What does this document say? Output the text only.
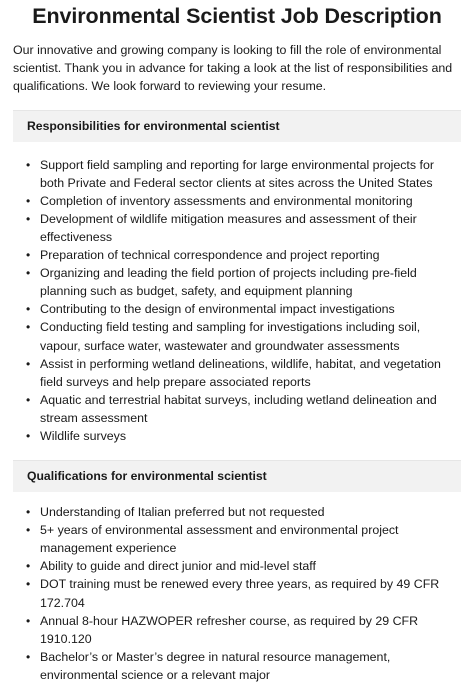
Environmental Scientist Job Description

Our innovative and growing company is looking to fill the role of environmental scientist. Thank you in advance for taking a look at the list of responsibilities and qualifications. We look forward to reviewing your resume.

Responsibilities for environmental scientist
• Support field sampling and reporting for large environmental projects for both Private and Federal sector clients at sites across the United States
• Completion of inventory assessments and environmental monitoring
• Development of wildlife mitigation measures and assessment of their effectiveness
• Preparation of technical correspondence and project reporting
• Organizing and leading the field portion of projects including pre-field planning such as budget, safety, and equipment planning
• Contributing to the design of environmental impact investigations
• Conducting field testing and sampling for investigations including soil, vapour, surface water, wastewater and groundwater assessments
• Assist in performing wetland delineations, wildlife, habitat, and vegetation field surveys and help prepare associated reports
• Aquatic and terrestrial habitat surveys, including wetland delineation and stream assessment
• Wildlife surveys
Qualifications for environmental scientist
• Understanding of Italian preferred but not requested
• 5+ years of environmental assessment and environmental project management experience
• Ability to guide and direct junior and mid-level staff
• DOT training must be renewed every three years, as required by 49 CFR 172.704
• Annual 8-hour HAZWOPER refresher course, as required by 29 CFR 1910.120
• Bachelor’s or Master’s degree in natural resource management, environmental science or a relevant major
